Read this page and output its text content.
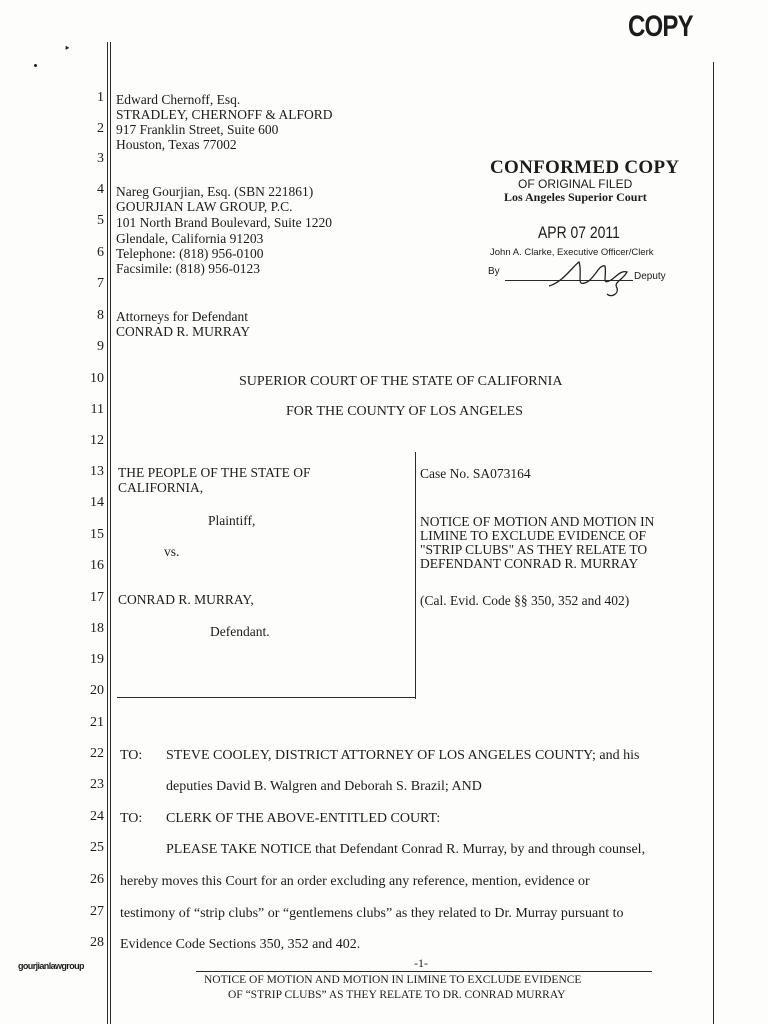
‣
COPY
1
2
3
4
5
6
7
8
9
10
11
12
13
14
15
16
17
18
19
20
21
22
23
24
25
26
27
28
Edward Chernoff, Esq.
STRADLEY, CHERNOFF & ALFORD
917 Franklin Street, Suite 600
Houston, Texas 77002
Nareg Gourjian, Esq. (SBN 221861)
GOURJIAN LAW GROUP, P.C.
101 North Brand Boulevard, Suite 1220
Glendale, California 91203
Telephone: (818) 956-0100
Facsimile: (818) 956-0123
Attorneys for Defendant
CONRAD R. MURRAY
CONFORMED COPY
OF ORIGINAL FILED
Los Angeles Superior Court
APR 07 2011
John A. Clarke, Executive Officer/Clerk
By	Deputy
SUPERIOR COURT OF THE STATE OF CALIFORNIA
FOR THE COUNTY OF LOS ANGELES
THE PEOPLE OF THE STATE OF
CALIFORNIA,
Plaintiff,
vs.
CONRAD R. MURRAY,
Defendant.
Case No. SA073164
NOTICE OF MOTION AND MOTION IN
LIMINE TO EXCLUDE EVIDENCE OF
"STRIP CLUBS" AS THEY RELATE TO
DEFENDANT CONRAD R. MURRAY
(Cal. Evid. Code §§ 350, 352 and 402)
TO: STEVE COOLEY, DISTRICT ATTORNEY OF LOS ANGELES COUNTY; and his
deputies David B. Walgren and Deborah S. Brazil; AND
TO: CLERK OF THE ABOVE-ENTITLED COURT:
PLEASE TAKE NOTICE that Defendant Conrad R. Murray, by and through counsel,
hereby moves this Court for an order excluding any reference, mention, evidence or
testimony of “strip clubs” or “gentlemens clubs” as they related to Dr. Murray pursuant to
Evidence Code Sections 350, 352 and 402.
gourjianlawgroup	-1-
NOTICE OF MOTION AND MOTION IN LIMINE TO EXCLUDE EVIDENCE
OF “STRIP CLUBS” AS THEY RELATE TO DR. CONRAD MURRAY
